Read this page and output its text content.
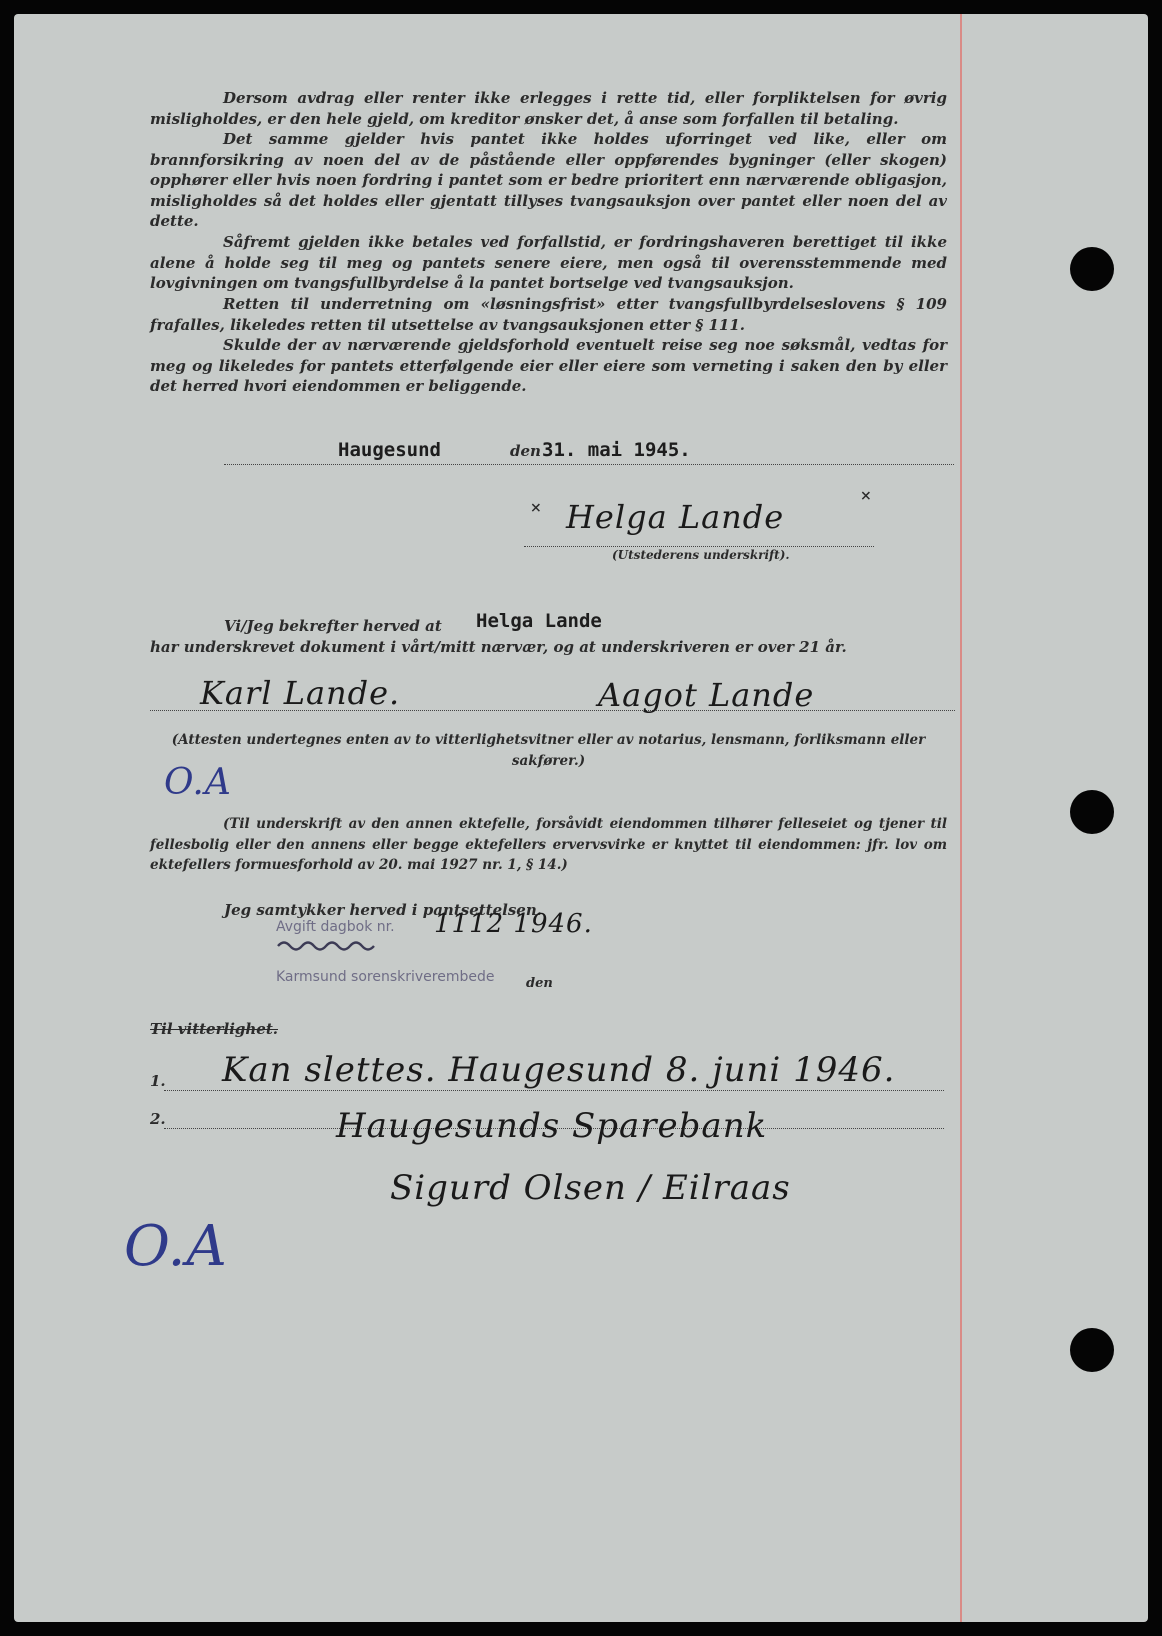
Dersom avdrag eller renter ikke erlegges i rette tid, eller forpliktelsen for øvrig misligholdes, er den hele gjeld, om kreditor ønsker det, å anse som forfallen til betaling.

Det samme gjelder hvis pantet ikke holdes uforringet ved like, eller om brannforsikring av noen del av de påstående eller oppførendes bygninger (eller skogen) opphører eller hvis noen fordring i pantet som er bedre prioritert enn nærværende obligasjon, misligholdes så det holdes eller gjentatt tillyses tvangsauksjon over pantet eller noen del av dette.

Såfremt gjelden ikke betales ved forfallstid, er fordringshaveren berettiget til ikke alene å holde seg til meg og pantets senere eiere, men også til overensstemmende med lovgivningen om tvangsfullbyrdelse å la pantet bortselge ved tvangsauksjon.

Retten til underretning om «løsningsfrist» etter tvangsfullbyrdelseslovens § 109 frafalles, likeledes retten til utsettelse av tvangsauksjonen etter § 111.

Skulde der av nærværende gjeldsforhold eventuelt reise seg noe søksmål, vedtas for meg og likeledes for pantets etterfølgende eier eller eiere som verneting i saken den by eller det herred hvori eiendommen er beliggende.

Haugesund	den 31. mai 1945.
Helga Lande
(Utstederens underskrift).
×
×
Vi/Jeg bekrefter herved at Helga Lande
har underskrevet dokument i vårt/mitt nærvær, og at underskriveren er over 21 år.
Karl Lande.	Aagot Lande

(Attesten undertegnes enten av to vitterlighetsvitner eller av notarius, lensmann, forliksmann eller sakfører.)

O.A

(Til underskrift av den annen ektefelle, forsåvidt eiendommen tilhører felleseiet og tjener til fellesbolig eller den annens eller begge ektefellers ervervsvirke er knyttet til eiendommen: jfr. lov om ektefellers formuesforhold av 20. mai 1927 nr. 1, § 14.)

Jeg samtykker herved i pantsettelsen.
Avgift dagbok nr. 1112 1946.
Karmsund sorenskriverembede den
Til vitterlighet.
1.
2.
Kan slettes. Haugesund 8. juni 1946.
Haugesunds Sparebank
Sigurd Olsen / Eilraas
O.A
